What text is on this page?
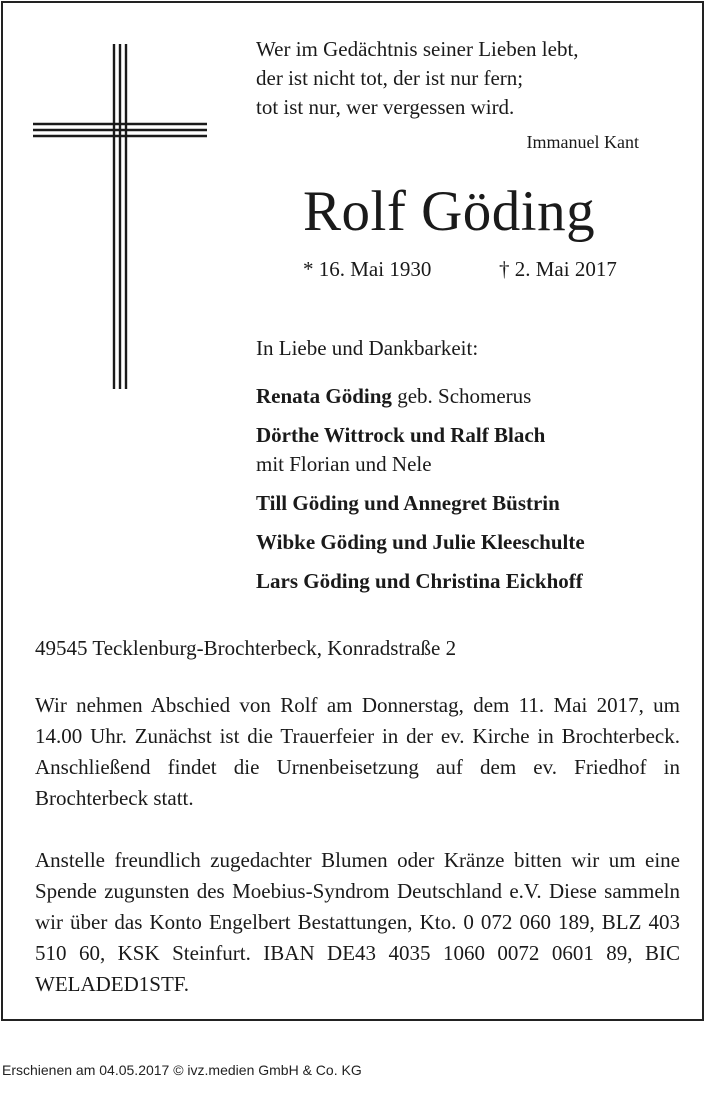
Wer im Gedächtnis seiner Lieben lebt,
der ist nicht tot, der ist nur fern;
tot ist nur, wer vergessen wird.
Immanuel Kant
Rolf Göding
* 16. Mai 1930	† 2. Mai 2017
In Liebe und Dankbarkeit:
Renata Göding geb. Schomerus
Dörthe Wittrock und Ralf Blach
mit Florian und Nele
Till Göding und Annegret Büstrin
Wibke Göding und Julie Kleeschulte
Lars Göding und Christina Eickhoff
49545 Tecklenburg-Brochterbeck, Konradstraße 2
Wir nehmen Abschied von Rolf am Donnerstag, dem 11. Mai 2017, um 14.00 Uhr. Zunächst ist die Trauerfeier in der ev. Kirche in Brochterbeck. Anschließend findet die Urnenbeisetzung auf dem ev. Friedhof in Brochterbeck statt.
Anstelle freundlich zugedachter Blumen oder Kränze bitten wir um eine Spende zugunsten des Moebius-Syndrom Deutschland e.V. Diese sammeln wir über das Konto Engelbert Bestattungen, Kto. 0 072 060 189, BLZ 403 510 60, KSK Steinfurt. IBAN DE43 4035 1060 0072 0601 89, BIC WELADED1STF.
Erschienen am 04.05.2017 © ivz.medien GmbH & Co. KG
